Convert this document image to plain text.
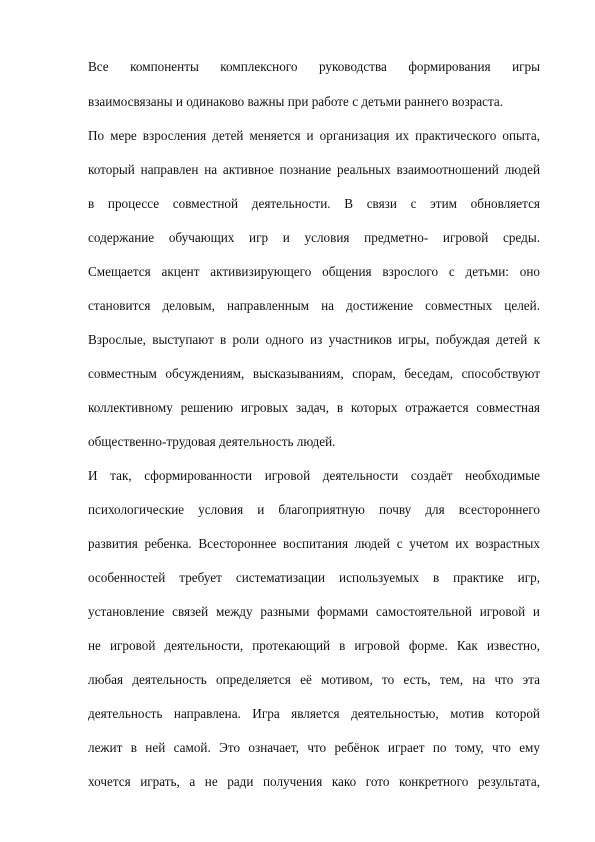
Все компоненты комплексного руководства формирования игры
взаимосвязаны и одинаково важны при работе с детьми раннего возраста.
По мере взросления детей меняется и организация их практического опыта,
который направлен на активное познание реальных взаимоотношений людей
в процессе совместной деятельности. В связи с этим обновляется
содержание обучающих игр и условия предметно- игровой среды.
Смещается акцент активизирующего общения взрослого с детьми: оно
становится деловым, направленным на достижение совместных целей.
Взрослые, выступают в роли одного из участников игры, побуждая детей к
совместным обсуждениям, высказываниям, спорам, беседам, способствуют
коллективному решению игровых задач, в которых отражается совместная
общественно-трудовая деятельность людей.
И так, сформированности игровой деятельности создаёт необходимые
психологические условия и благоприятную почву для всестороннего
развития ребенка. Всестороннее воспитания людей с учетом их возрастных
особенностей требует систематизации используемых в практике игр,
установление связей между разными формами самостоятельной игровой и
не игровой деятельности, протекающий в игровой форме. Как известно,
любая деятельность определяется её мотивом, то есть, тем, на что эта
деятельность направлена. Игра является деятельностью, мотив которой
лежит в ней самой. Это означает, что ребёнок играет по тому, что ему
хочется играть, а не ради получения како гото конкретного результата,
